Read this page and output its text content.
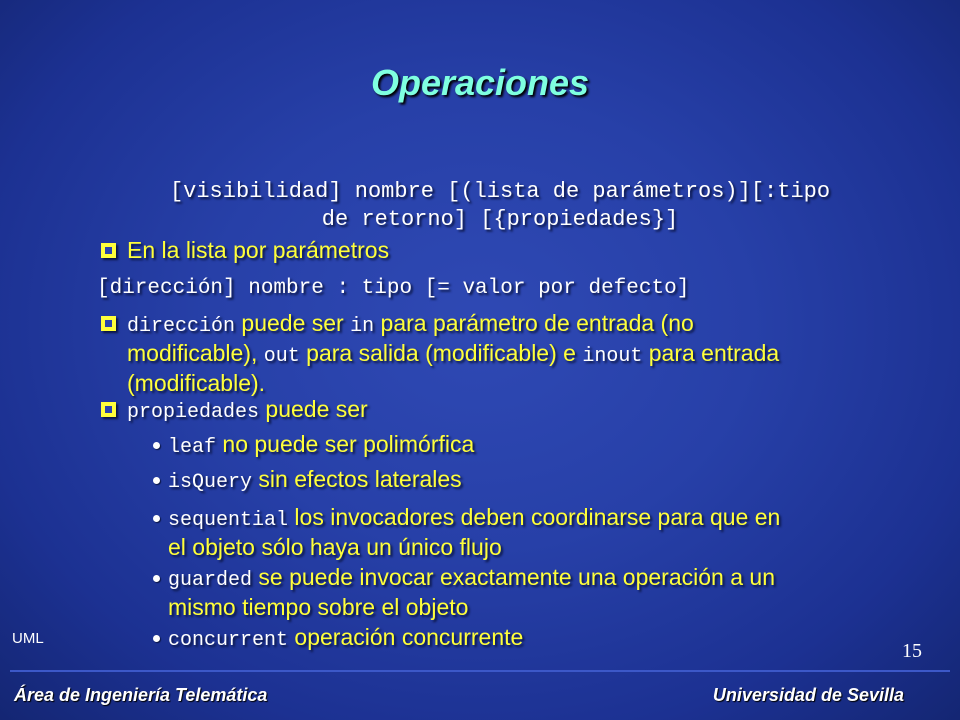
Operaciones
[visibilidad] nombre [(lista de parámetros)][:tipo
de retorno] [{propiedades}]
En la lista por parámetros
[dirección] nombre : tipo [= valor por defecto]
dirección puede ser in para parámetro de entrada (no
modificable), out para salida (modificable) e inout para entrada
(modificable).
propiedades puede ser
leaf no puede ser polimórfica
isQuery sin efectos laterales
sequential los invocadores deben coordinarse para que en
el objeto sólo haya un único flujo
guarded se puede invocar exactamente una operación a un
mismo tiempo sobre el objeto
concurrent operación concurrente
UML
15
Área de Ingeniería Telemática	Universidad de Sevilla
